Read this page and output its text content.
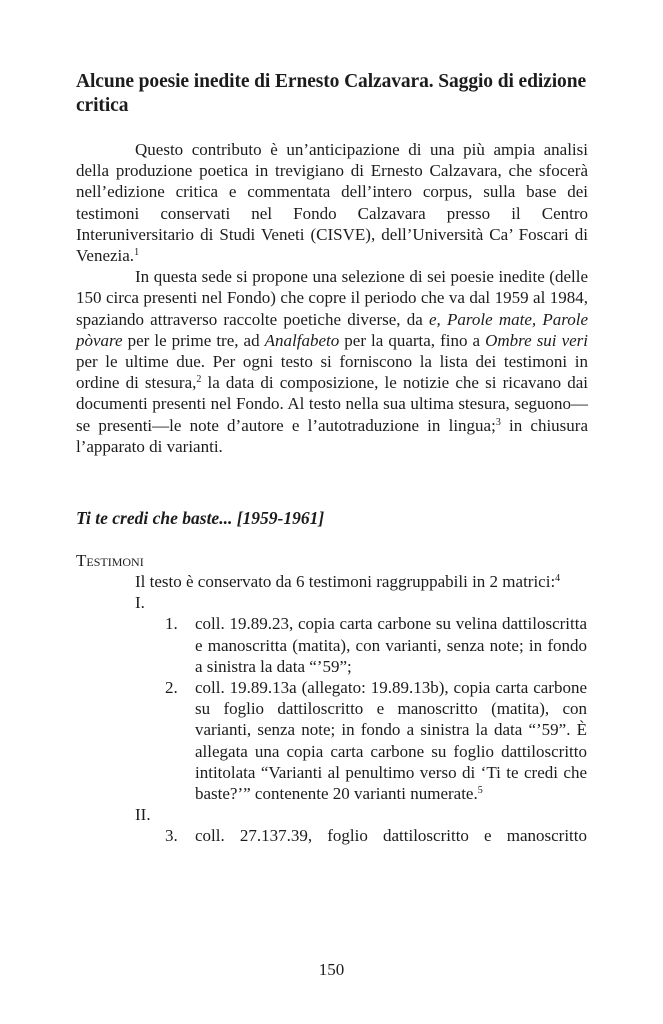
Alcune poesie inedite di Ernesto Calzavara. Saggio di edizione critica

Questo contributo è un’anticipazione di una più ampia analisi della produzione poetica in trevigiano di Ernesto Calzavara, che sfocerà nell’edizione critica e commentata dell’intero corpus, sulla base dei testimoni conservati nel Fondo Calzavara presso il Centro Interuniversitario di Studi Veneti (CISVE), dell’Università Ca’ Foscari di Venezia.$^1$

In questa sede si propone una selezione di sei poesie inedite (delle 150 circa presenti nel Fondo) che copre il periodo che va dal 1959 al 1984, spaziando attraverso raccolte poetiche diverse, da e, Parole mate, Parole pòvare per le prime tre, ad Analfabeto per la quarta, fino a Ombre sui veri per le ultime due. Per ogni testo si forniscono la lista dei testimoni in ordine di stesura,$^2$ la data di composizione, le notizie che si ricavano dai documenti presenti nel Fondo. Al testo nella sua ultima stesura, seguono—se presenti—le note d’autore e l’autotraduzione in lingua;$^3$ in chiusura l’apparato di varianti.

Ti te credi che baste... [1959-1961]
Testimoni
Il testo è conservato da 6 testimoni raggruppabili in 2 matrici:$^4$
I.
1.	coll. 19.89.23, copia carta carbone su velina dattiloscritta e manoscritta (matita), con varianti, senza note; in fondo a sinistra la data “’59”;
2.	coll. 19.89.13a (allegato: 19.89.13b), copia carta carbone su foglio dattiloscritto e manoscritto (matita), con varianti, senza note; in fondo a sinistra la data “’59”. È allegata una copia carta carbone su foglio dattiloscritto intitolata “Varianti al penultimo verso di ‘Ti te credi che baste?’” contenente 20 varianti numerate.$^5$
II.
3.	coll. 27.137.39, foglio dattiloscritto e manoscritto
150
